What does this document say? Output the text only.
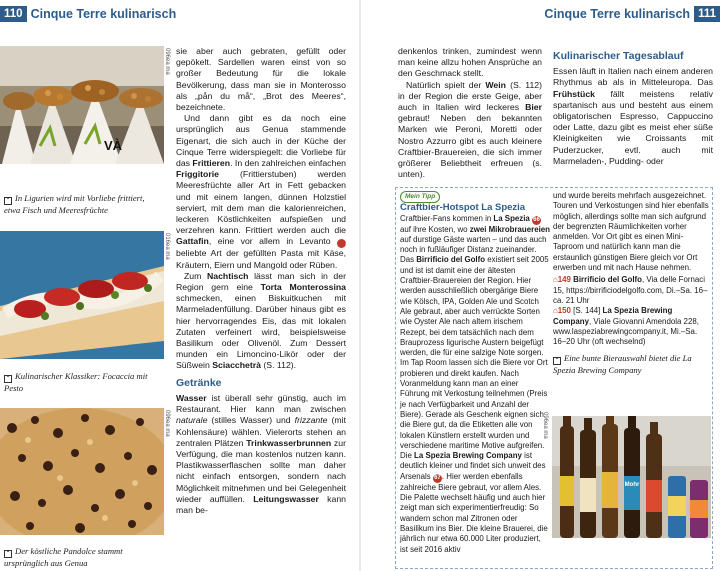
110 Cinque Terre kulinarisch	Cinque Terre kulinarisch 111
VÀ
096ea ma
⌃ In Ligurien wird mit Vorliebe frittiert, etwa Fisch und Meeresfrüchte
016ea ma
⌃ Kulinarischer Klassiker: Focaccia mit Pesto
096ea ma
⌃ Der köstliche Pandolce stammt ursprünglich aus Genua

sie aber auch gebraten, gefüllt oder gepökelt. Sardellen waren einst von so großer Bedeutung für die lokale Bevölkerung, dass man sie in Monterosso als „pån du må“, „Brot des Meeres“, bezeichnete.

Und dann gibt es da noch eine ursprünglich aus Genua stammende Eigenart, die sich auch in der Küche der Cinque Terre widerspiegelt: die Vorliebe für das Frittieren. In den zahlreichen einfachen Friggitorie (Frittierstuben) werden Meeresfrüchte aller Art in Fett gebacken und mit einem langen, dünnen Holzstiel serviert, mit dem man die kalorienreichen, leckeren Köstlichkeiten aufspießen und verzehren kann. Frittiert werden auch die Gattafin, eine vor allem in Levanto 1 beliebte Art der gefüllten Pasta mit Käse, Kräutern, Eiern und Mangold oder Rüben.

Zum Nachtisch lässt man sich in der Region gern eine Torta Monterossina schmecken, einen Biskuitkuchen mit Marmeladenfüllung. Darüber hinaus gibt es hier hervorragendes Eis, das mit lokalen Zutaten verfeinert wird, beispielsweise Basilikum oder Olivenöl. Zum Dessert munden ein Limoncino-Likör oder der Süßwein Sciacchetrà (S. 112).

Getränke

Wasser ist überall sehr günstig, auch im Restaurant. Hier kann man zwischen naturale (stilles Wasser) und frizzante (mit Kohlensäure) wählen. Vielerorts stehen an zentralen Plätzen Trinkwasserbrunnen zur Verfügung, die man kostenlos nutzen kann. Plastikwasserflaschen sollte man daher nicht einfach entsorgen, sondern nach Möglichkeit mitnehmen und bei Gelegenheit wieder auffüllen. Leitungswasser kann man be-

denkenlos trinken, zumindest wenn man keine allzu hohen Ansprüche an den Geschmack stellt.

Natürlich spielt der Wein (S. 112) in der Region die erste Geige, aber auch in Italien wird leckeres Bier gebraut! Neben den bekannten Marken wie Peroni, Moretti oder Nostro Azzurro gibt es auch kleinere Craftbier-Brauereien, die sich immer größerer Beliebtheit erfreuen (s. unten).

Kulinarischer Tagesablauf

Essen läuft in Italien nach einem anderen Rhythmus ab als in Mitteleuropa. Das Frühstück fällt meistens relativ spartanisch aus und besteht aus einem obligatorischen Espresso, Cappuccino oder Latte, dazu gibt es meist eher süße Kleinigkeiten wie Croissants mit Puderzucker, evtl. auch mit Marmeladen-, Pudding- oder

Mein Tipp
Craftbier-Hotspot La Spezia

Craftbier-Fans kommen in La Spezia 66 auf ihre Kosten, wo zwei Mikrobrauereien auf durstige Gäste warten – und das auch noch in fußläufiger Distanz zueinander.

Das Birrificio del Golfo existiert seit 2005 und ist ist damit eine der ältesten Craftbier-Brauereien der Region. Hier werden ausschließlich obergärige Biere wie Kölsch, IPA, Golden Ale und Scotch Ale gebraut, aber auch verrückte Sorten wie Oyster Ale nach altem irischem Rezept, bei dem tatsächlich nach dem Brauprozess ligurische Austern beigefügt werden, die für eine salzige Note sorgen. Im Tap Room lassen sich die Biere vor Ort probieren und direkt kaufen. Nach Voranmeldung kann man an einer Führung mit Verkostung teilnehmen (Preis je nach Verfügbarkeit und Anzahl der Biere). Gerade als Geschenk eignen sich die Biere gut, da die Etiketten alle von lokalen Künstlern erstellt wurden und verschiedene maritime Motive aufgreifen.

Die La Spezia Brewing Company ist deutlich kleiner und findet sich unweit des Arsenals 67. Hier werden ebenfalls zahlreiche Biere gebraut, vor allem Ales. Die Palette wechselt häufig und auch hier zeigt man sich experimentierfreudig: So wandern schon mal Zitronen oder Basilikum ins Bier. Die kleine Brauerei, die jährlich nur etwa 60.000 Liter produziert, ist seit 2016 aktiv

und wurde bereits mehrfach ausgezeichnet. Touren und Verkostungen sind hier ebenfalls möglich, allerdings sollte man sich aufgrund der begrenzten Räumlichkeiten vorher anmelden. Vor Ort gibt es einen Mini-Taproom und natürlich kann man die erstaunlich günstigen Biere gleich vor Ort erwerben und mit nach Hause nehmen.

⌂149 Birrificio del Golfo, Via delle Fornaci 15, https://birrificiodelgolfo.com, Di.–Sa. 16–ca. 21 Uhr

⌂150 [S. 144] La Spezia Brewing Company, Viale Giovanni Amendola 228, www.laspeziabrewingcompany.it, Mi.–Sa. 16–20 Uhr (oft wechselnd)

⌃ Eine bunte Bierauswahl bietet die La Spezia Brewing Company

096ea ma
Mohr
